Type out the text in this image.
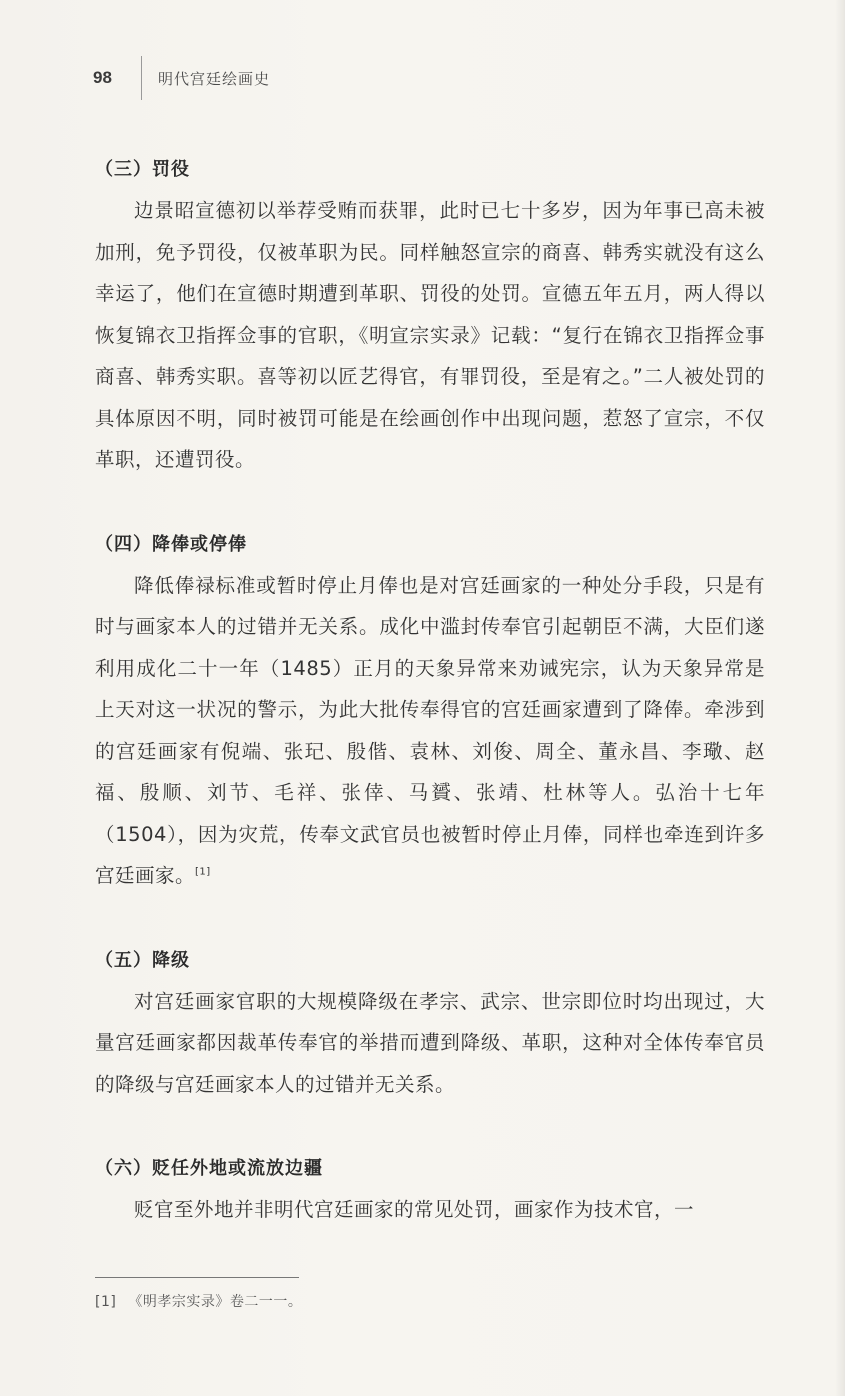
98	明代宫廷绘画史
（三）罚役

边景昭宣德初以举荐受贿而获罪，此时已七十多岁，因为年事已高未被加刑，免予罚役，仅被革职为民。同样触怒宣宗的商喜、韩秀实就没有这么幸运了，他们在宣德时期遭到革职、罚役的处罚。宣德五年五月，两人得以恢复锦衣卫指挥佥事的官职，《明宣宗实录》记载：“复行在锦衣卫指挥佥事商喜、韩秀实职。喜等初以匠艺得官，有罪罚役，至是宥之。”二人被处罚的具体原因不明，同时被罚可能是在绘画创作中出现问题，惹怒了宣宗，不仅革职，还遭罚役。

（四）降俸或停俸

降低俸禄标准或暂时停止月俸也是对宫廷画家的一种处分手段，只是有时与画家本人的过错并无关系。成化中滥封传奉官引起朝臣不满，大臣们遂利用成化二十一年（1485）正月的天象异常来劝诫宪宗，认为天象异常是上天对这一状况的警示，为此大批传奉得官的宫廷画家遭到了降俸。牵涉到的宫廷画家有倪端、张玘、殷偕、袁林、刘俊、周全、董永昌、李璥、赵福、殷顺、刘节、毛祥、张倖、马贇、张靖、杜林等人。弘治十七年（1504），因为灾荒，传奉文武官员也被暂时停止月俸，同样也牵连到许多宫廷画家。[1]

（五）降级

对宫廷画家官职的大规模降级在孝宗、武宗、世宗即位时均出现过，大量宫廷画家都因裁革传奉官的举措而遭到降级、革职，这种对全体传奉官员的降级与宫廷画家本人的过错并无关系。

（六）贬任外地或流放边疆

贬官至外地并非明代宫廷画家的常见处罚，画家作为技术官，一

[1] 《明孝宗实录》卷二一一。
